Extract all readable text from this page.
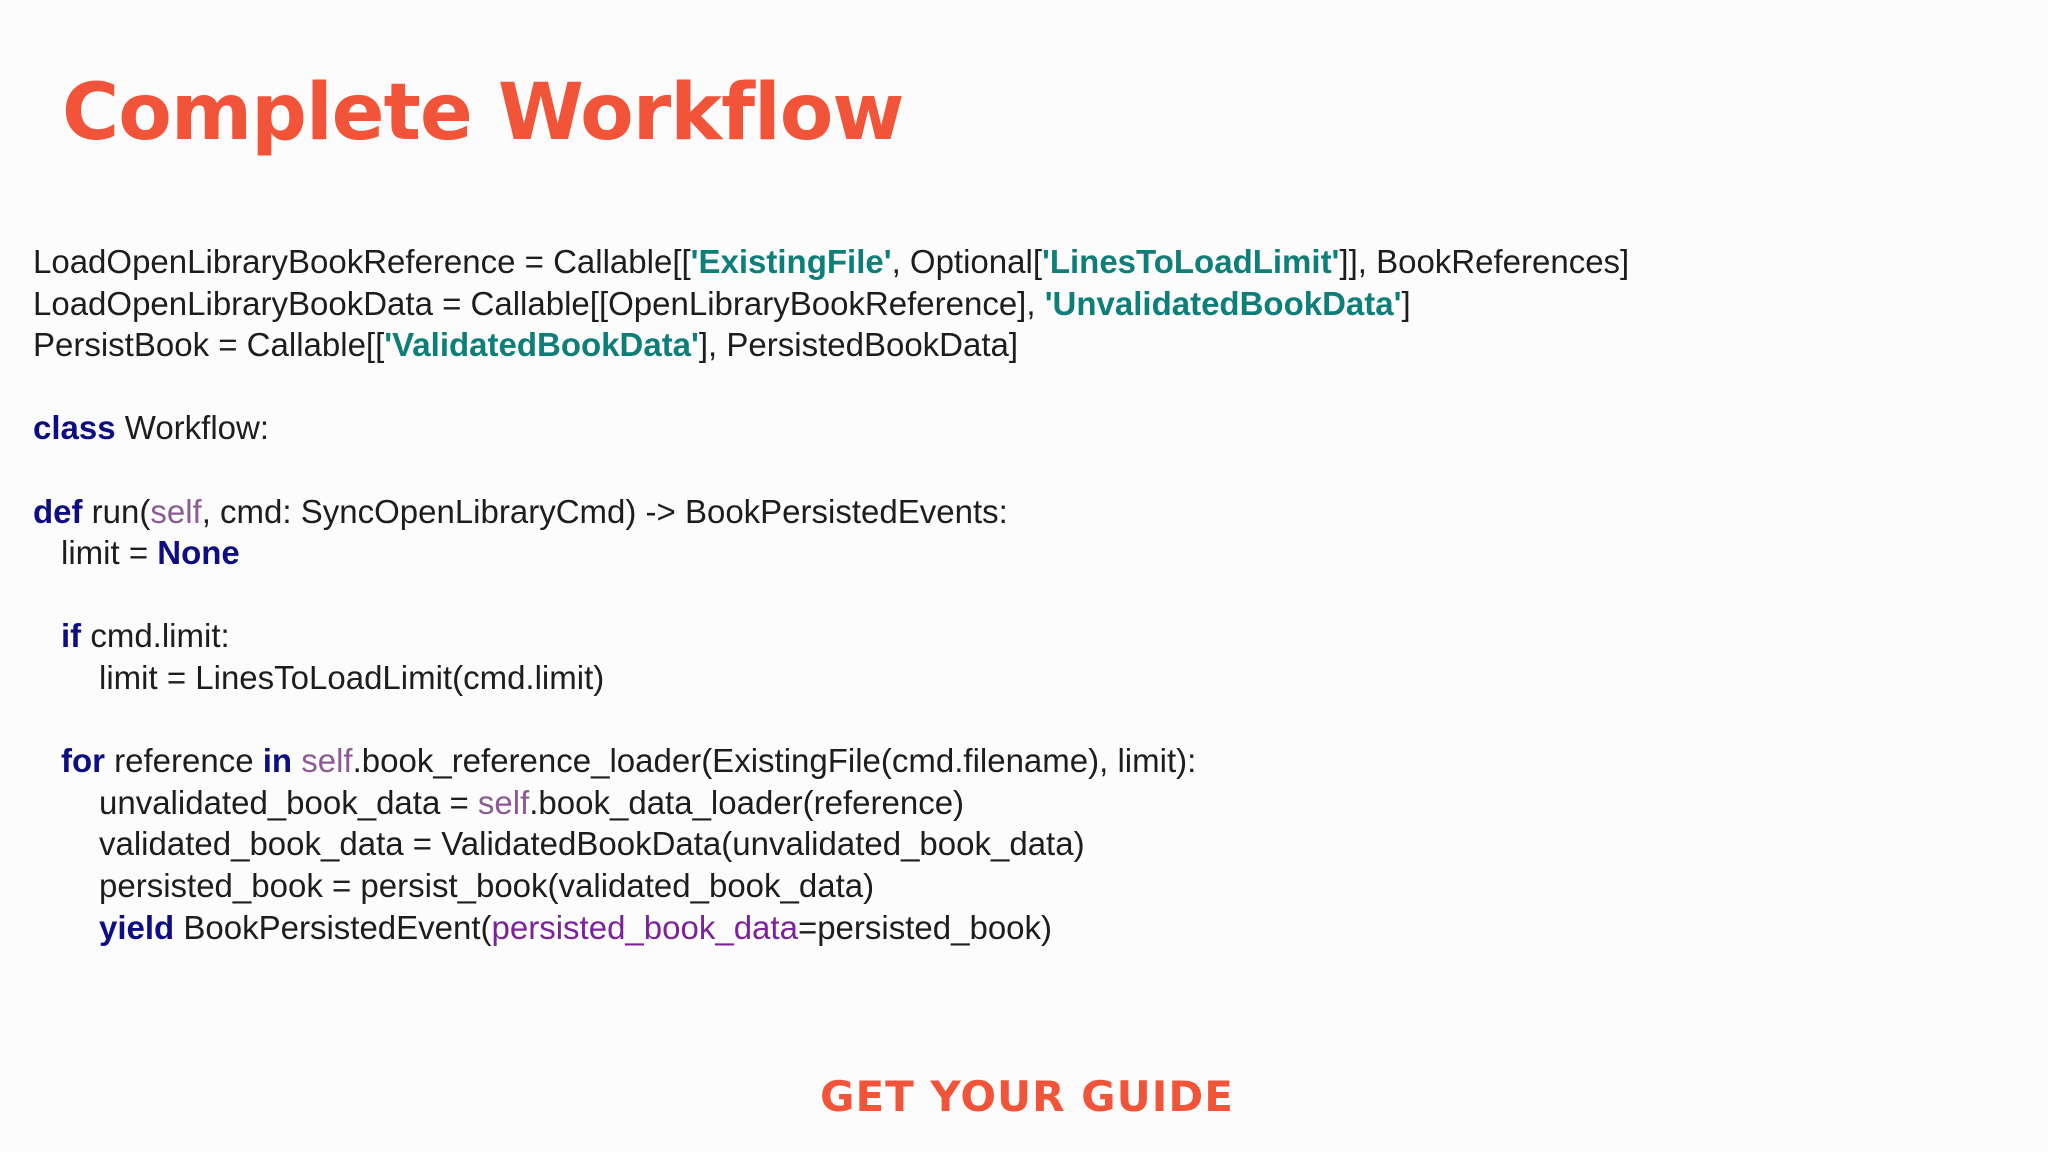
Complete Workflow
LoadOpenLibraryBookReference = Callable[['ExistingFile', Optional['LinesToLoadLimit']], BookReferences]
LoadOpenLibraryBookData = Callable[[OpenLibraryBookReference], 'UnvalidatedBookData']
PersistBook = Callable[['ValidatedBookData'], PersistedBookData]
class Workflow:
def run(self, cmd: SyncOpenLibraryCmd) -> BookPersistedEvents:
limit = None
if cmd.limit:
limit = LinesToLoadLimit(cmd.limit)
for reference in self.book_reference_loader(ExistingFile(cmd.filename), limit):
unvalidated_book_data = self.book_data_loader(reference)
validated_book_data = ValidatedBookData(unvalidated_book_data)
persisted_book = persist_book(validated_book_data)
yield BookPersistedEvent(persisted_book_data=persisted_book)
GET YOUR GUIDE
